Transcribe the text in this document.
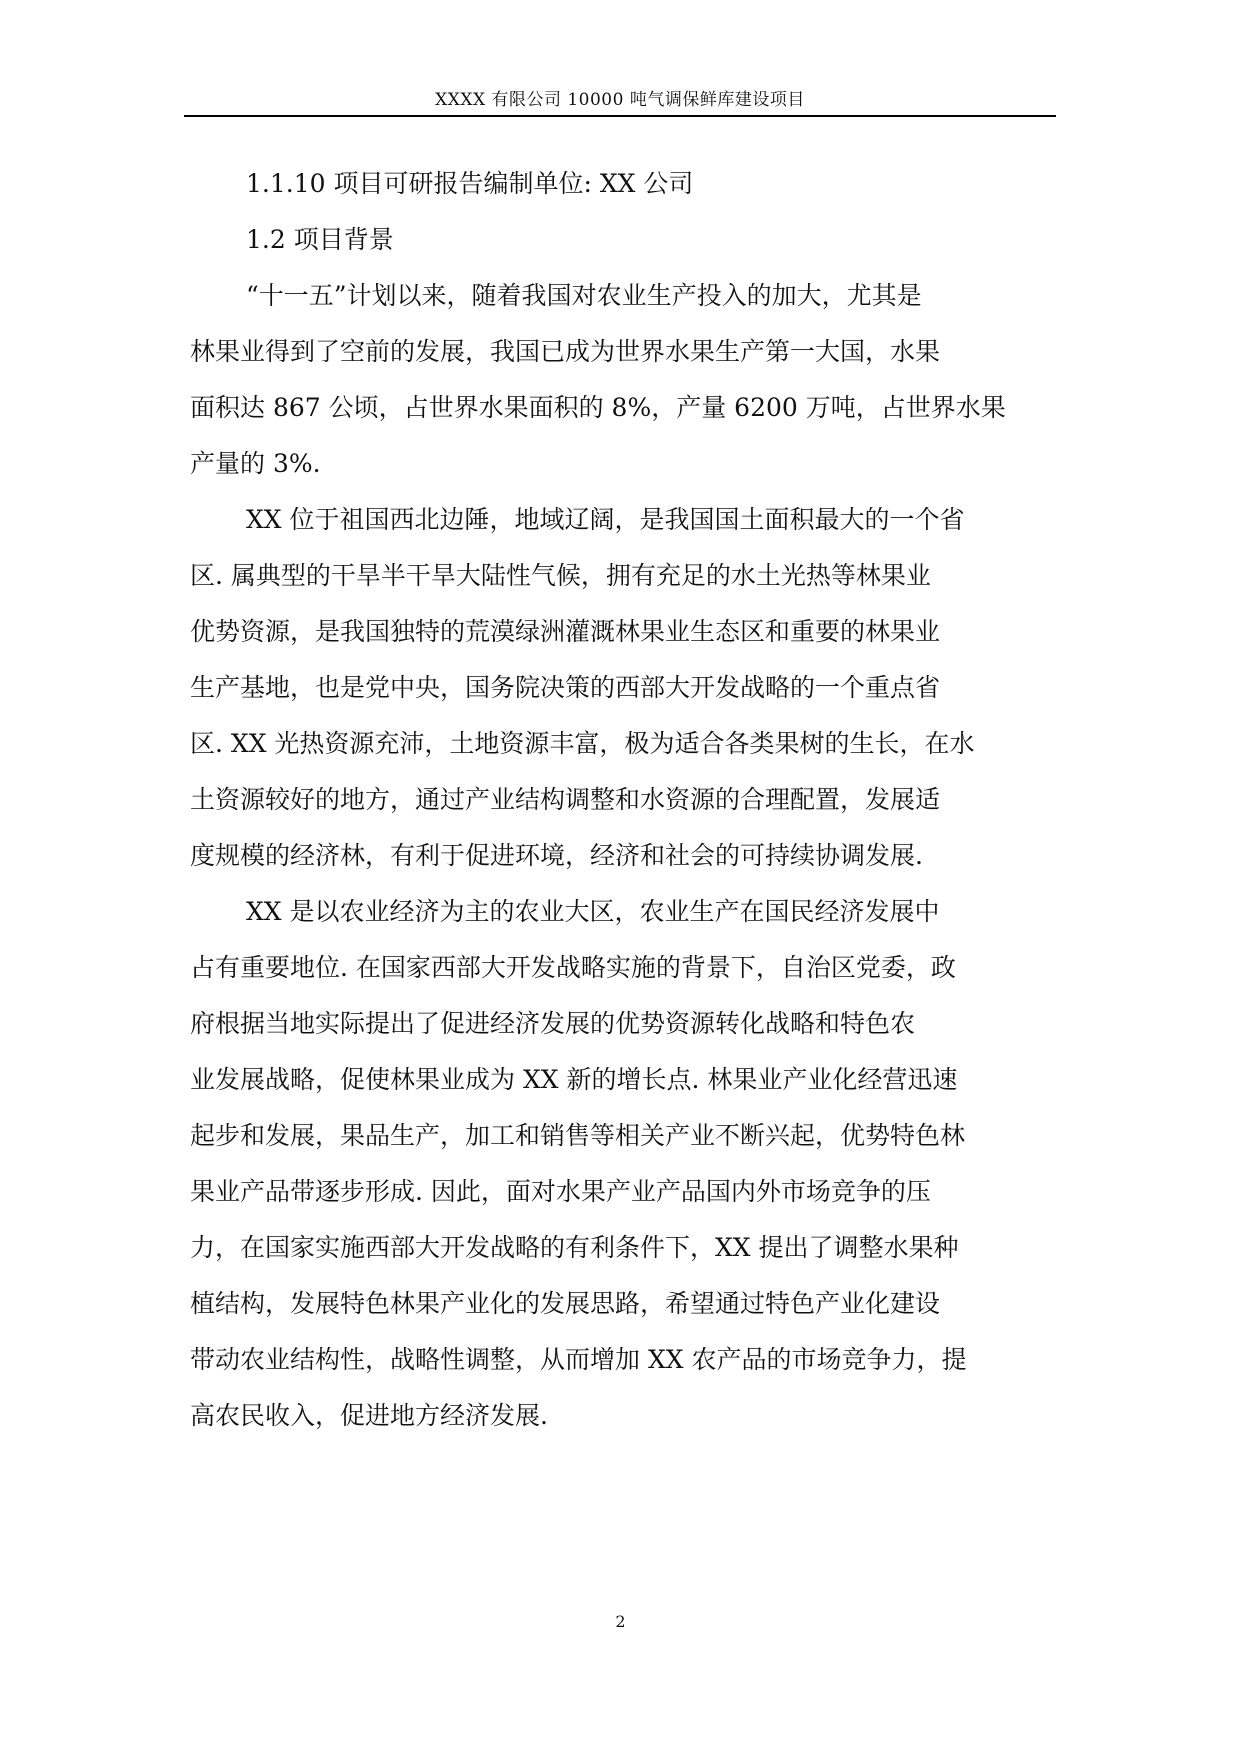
XXXX 有限公司 10000 吨气调保鲜库建设项目
1.1.10 项目可研报告编制单位: XX 公司
1.2 项目背景
“十一五”计划以来，随着我国对农业生产投入的加大，尤其是
林果业得到了空前的发展，我国已成为世界水果生产第一大国，水果
面积达 867 公顷，占世界水果面积的 8%，产量 6200 万吨，占世界水果
产量的 3%.
XX 位于祖国西北边陲，地域辽阔，是我国国土面积最大的一个省
区. 属典型的干旱半干旱大陆性气候，拥有充足的水土光热等林果业
优势资源，是我国独特的荒漠绿洲灌溉林果业生态区和重要的林果业
生产基地，也是党中央，国务院决策的西部大开发战略的一个重点省
区. XX 光热资源充沛，土地资源丰富，极为适合各类果树的生长，在水
土资源较好的地方，通过产业结构调整和水资源的合理配置，发展适
度规模的经济林，有利于促进环境，经济和社会的可持续协调发展.
XX 是以农业经济为主的农业大区，农业生产在国民经济发展中
占有重要地位. 在国家西部大开发战略实施的背景下，自治区党委，政
府根据当地实际提出了促进经济发展的优势资源转化战略和特色农
业发展战略，促使林果业成为 XX 新的增长点. 林果业产业化经营迅速
起步和发展，果品生产，加工和销售等相关产业不断兴起，优势特色林
果业产品带逐步形成. 因此，面对水果产业产品国内外市场竞争的压
力，在国家实施西部大开发战略的有利条件下，XX 提出了调整水果种
植结构，发展特色林果产业化的发展思路，希望通过特色产业化建设
带动农业结构性，战略性调整，从而增加 XX 农产品的市场竞争力，提
高农民收入，促进地方经济发展.
2
